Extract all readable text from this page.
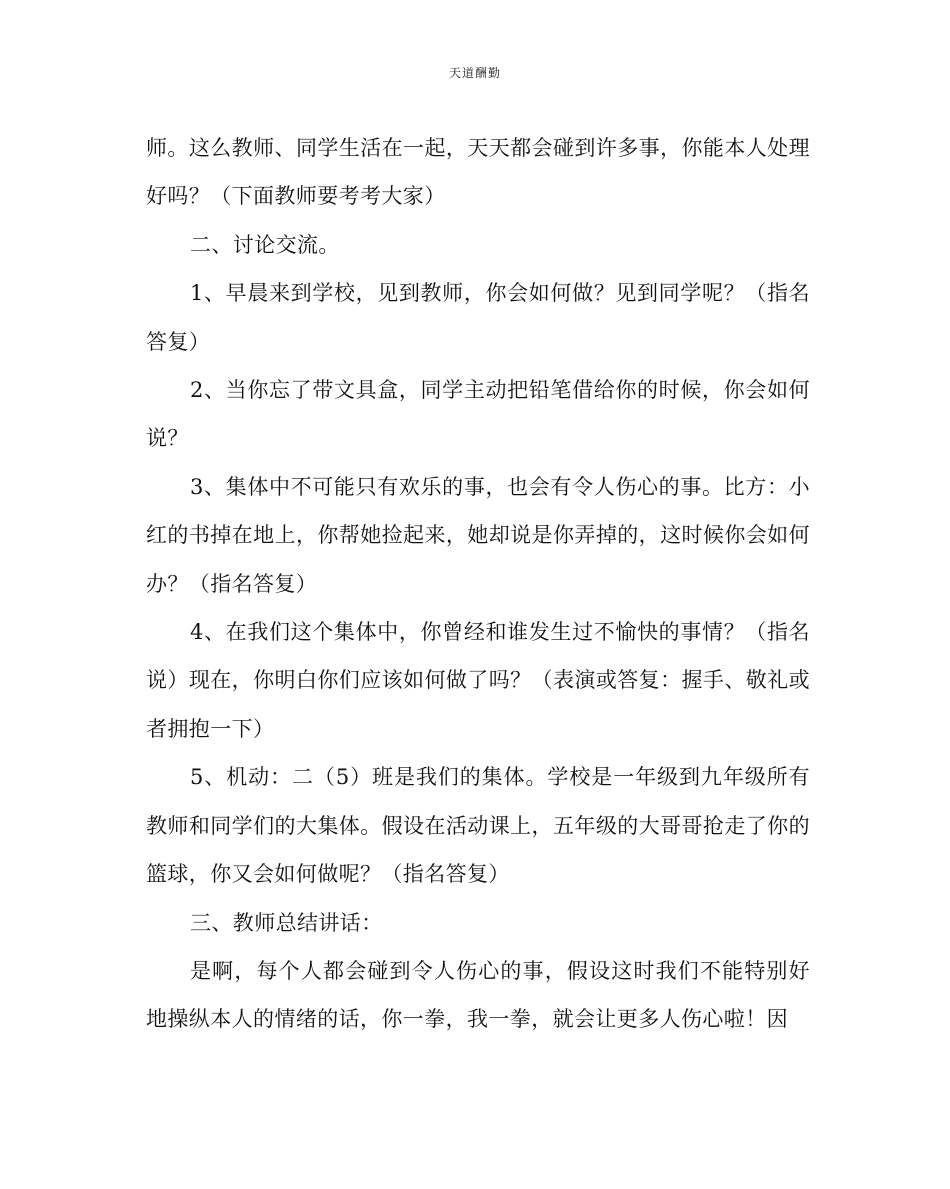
天道酬勤

师。这么教师、同学生活在一起，天天都会碰到许多事，你能本人处理好吗？（下面教师要考考大家）

二、讨论交流。

1、早晨来到学校，见到教师，你会如何做？见到同学呢？（指名答复）

2、当你忘了带文具盒，同学主动把铅笔借给你的时候，你会如何说？

3、集体中不可能只有欢乐的事，也会有令人伤心的事。比方：小红的书掉在地上，你帮她捡起来，她却说是你弄掉的，这时候你会如何办？（指名答复）

4、在我们这个集体中，你曾经和谁发生过不愉快的事情？（指名说）现在，你明白你们应该如何做了吗？（表演或答复：握手、敬礼或者拥抱一下）

5、机动：二（5）班是我们的集体。学校是一年级到九年级所有教师和同学们的大集体。假设在活动课上，五年级的大哥哥抢走了你的篮球，你又会如何做呢？（指名答复）

三、教师总结讲话：

是啊，每个人都会碰到令人伤心的事，假设这时我们不能特别好地操纵本人的情绪的话，你一拳，我一拳，就会让更多人伤心啦！因
